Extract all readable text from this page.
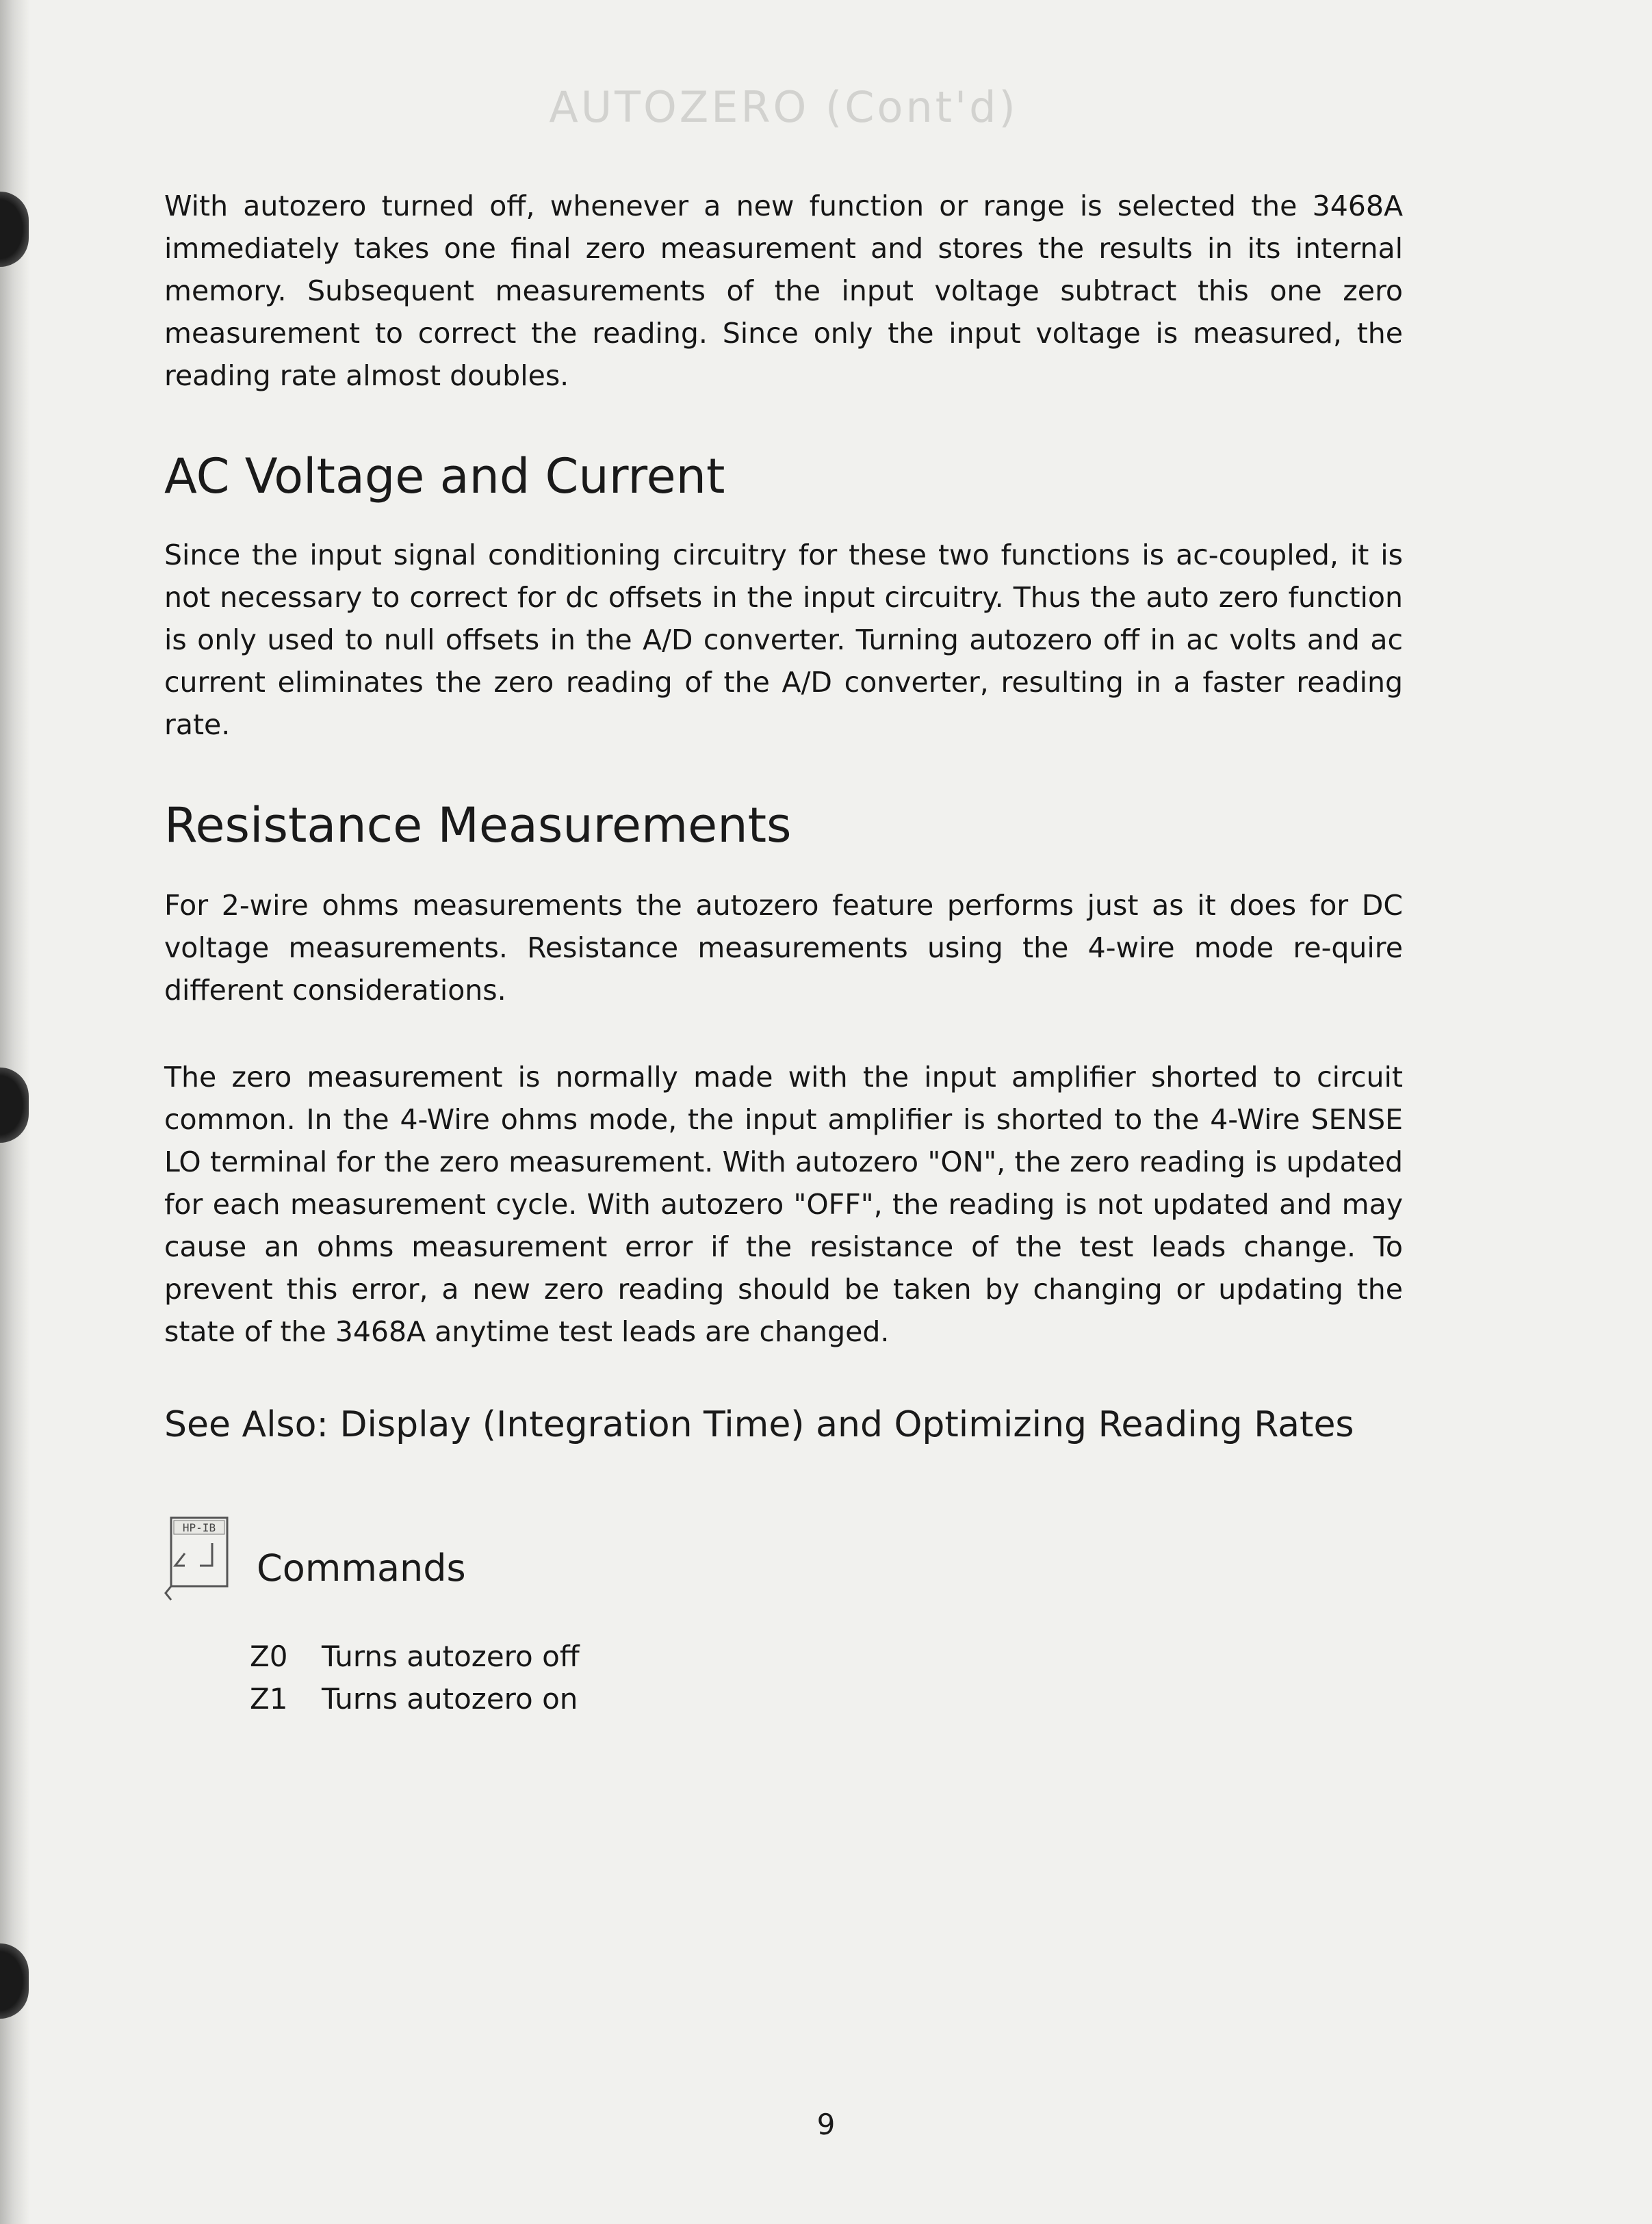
AUTOZERO (Cont'd)

With autozero turned off, whenever a new function or range is selected the 3468A immediately takes one final zero measurement and stores the results in its internal memory. Subsequent measurements of the input voltage subtract this one zero measurement to correct the reading. Since only the input voltage is measured, the reading rate almost doubles.

AC Voltage and Current

Since the input signal conditioning circuitry for these two functions is ac-coupled, it is not necessary to correct for dc offsets in the input circuitry. Thus the auto zero function is only used to null offsets in the A/D converter. Turning autozero off in ac volts and ac current eliminates the zero reading of the A/D converter, resulting in a faster reading rate.

Resistance Measurements

For 2-wire ohms measurements the autozero feature performs just as it does for DC voltage measurements. Resistance measurements using the 4-wire mode re-quire different considerations.

The zero measurement is normally made with the input amplifier shorted to circuit common. In the 4-Wire ohms mode, the input amplifier is shorted to the 4-Wire SENSE LO terminal for the zero measurement. With autozero "ON", the zero reading is updated for each measurement cycle. With autozero "OFF", the reading is not updated and may cause an ohms measurement error if the resistance of the test leads change. To prevent this error, a new zero reading should be taken by changing or updating the state of the 3468A anytime test leads are changed.

See Also: Display (Integration Time) and Optimizing Reading Rates
HP-IB
Commands
Z0 Turns autozero off
Z1 Turns autozero on
9
